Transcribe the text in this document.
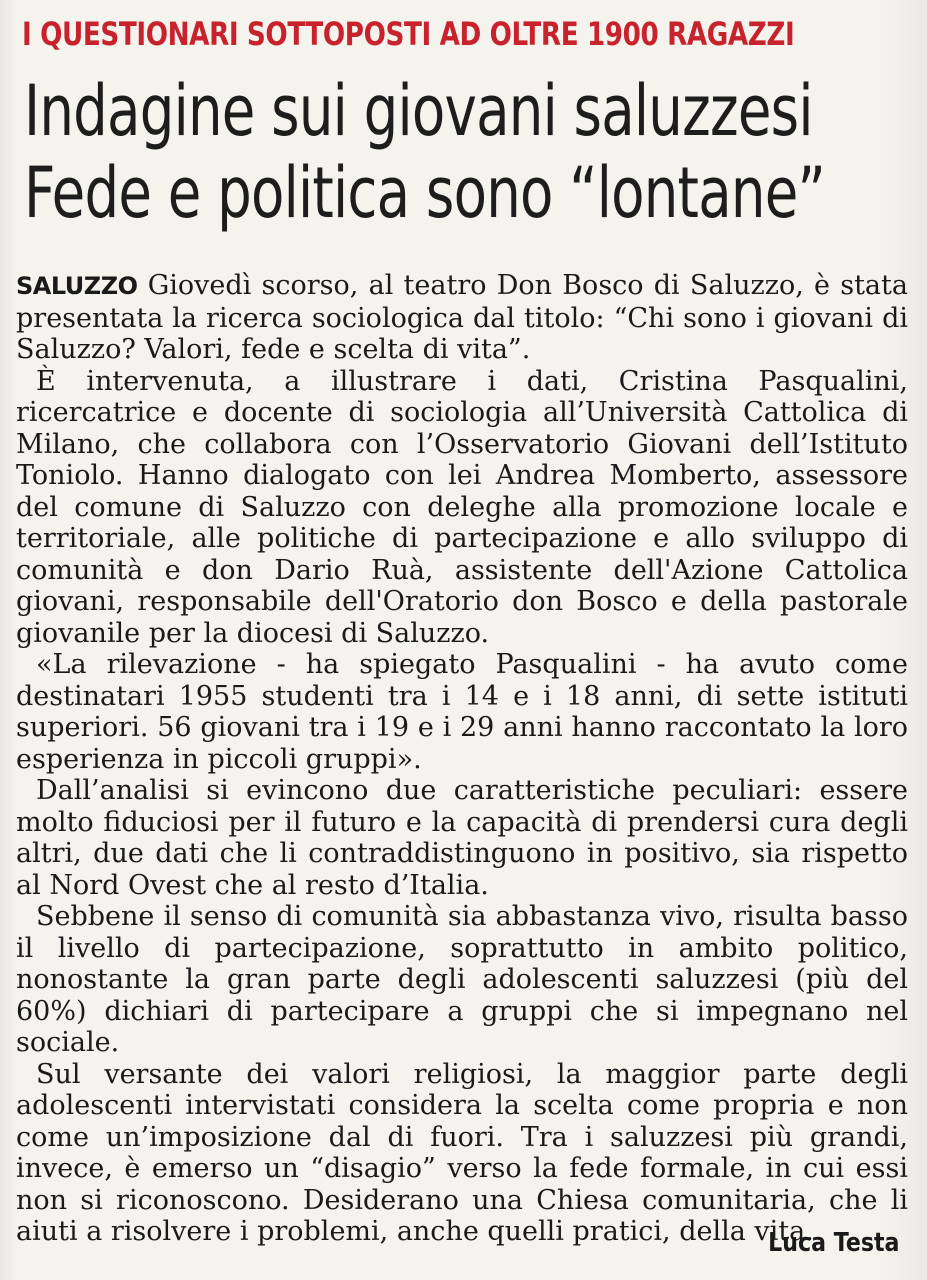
I QUESTIONARI SOTTOPOSTI AD OLTRE 1900 RAGAZZI
Indagine sui giovani saluzzesi
Fede e politica sono “lontane”

SALUZZO Giovedì scorso, al teatro Don Bosco di Saluzzo, è stata presentata la ricerca sociologica dal titolo: “Chi sono i giovani di Saluzzo? Valori, fede e scelta di vita”.

È intervenuta, a illustrare i dati, Cristina Pasqualini, ricercatrice e docente di sociologia all’Università Cattolica di Milano, che collabora con l’Osservatorio Giovani dell’Istituto Toniolo. Hanno dialogato con lei Andrea Momberto, assessore del comune di Saluzzo con deleghe alla promozione locale e territoriale, alle politiche di partecipazione e allo sviluppo di comunità e don Dario Ruà, assistente dell'Azione Cattolica giovani, responsabile dell'Oratorio don Bosco e della pastorale giovanile per la diocesi di Saluzzo.

«La rilevazione - ha spiegato Pasqualini - ha avuto come destinatari 1955 studenti tra i 14 e i 18 anni, di sette istituti superiori. 56 giovani tra i 19 e i 29 anni hanno raccontato la loro esperienza in piccoli gruppi».

Dall’analisi si evincono due caratteristiche peculiari: essere molto fiduciosi per il futuro e la capacità di prendersi cura degli altri, due dati che li contraddistinguono in positivo, sia rispetto al Nord Ovest che al resto d’Italia.

Sebbene il senso di comunità sia abbastanza vivo, risulta basso il livello di partecipazione, soprattutto in ambito politico, nonostante la gran parte degli adolescenti saluzzesi (più del 60%) dichiari di partecipare a gruppi che si impegnano nel sociale.

Sul versante dei valori religiosi, la maggior parte degli adolescenti intervistati considera la scelta come propria e non come un’imposizione dal di fuori. Tra i saluzzesi più grandi, invece, è emerso un “disagio” verso la fede formale, in cui essi non si riconoscono. Desiderano una Chiesa comunitaria, che li aiuti a risolvere i problemi, anche quelli pratici, della vita.

Luca Testa
